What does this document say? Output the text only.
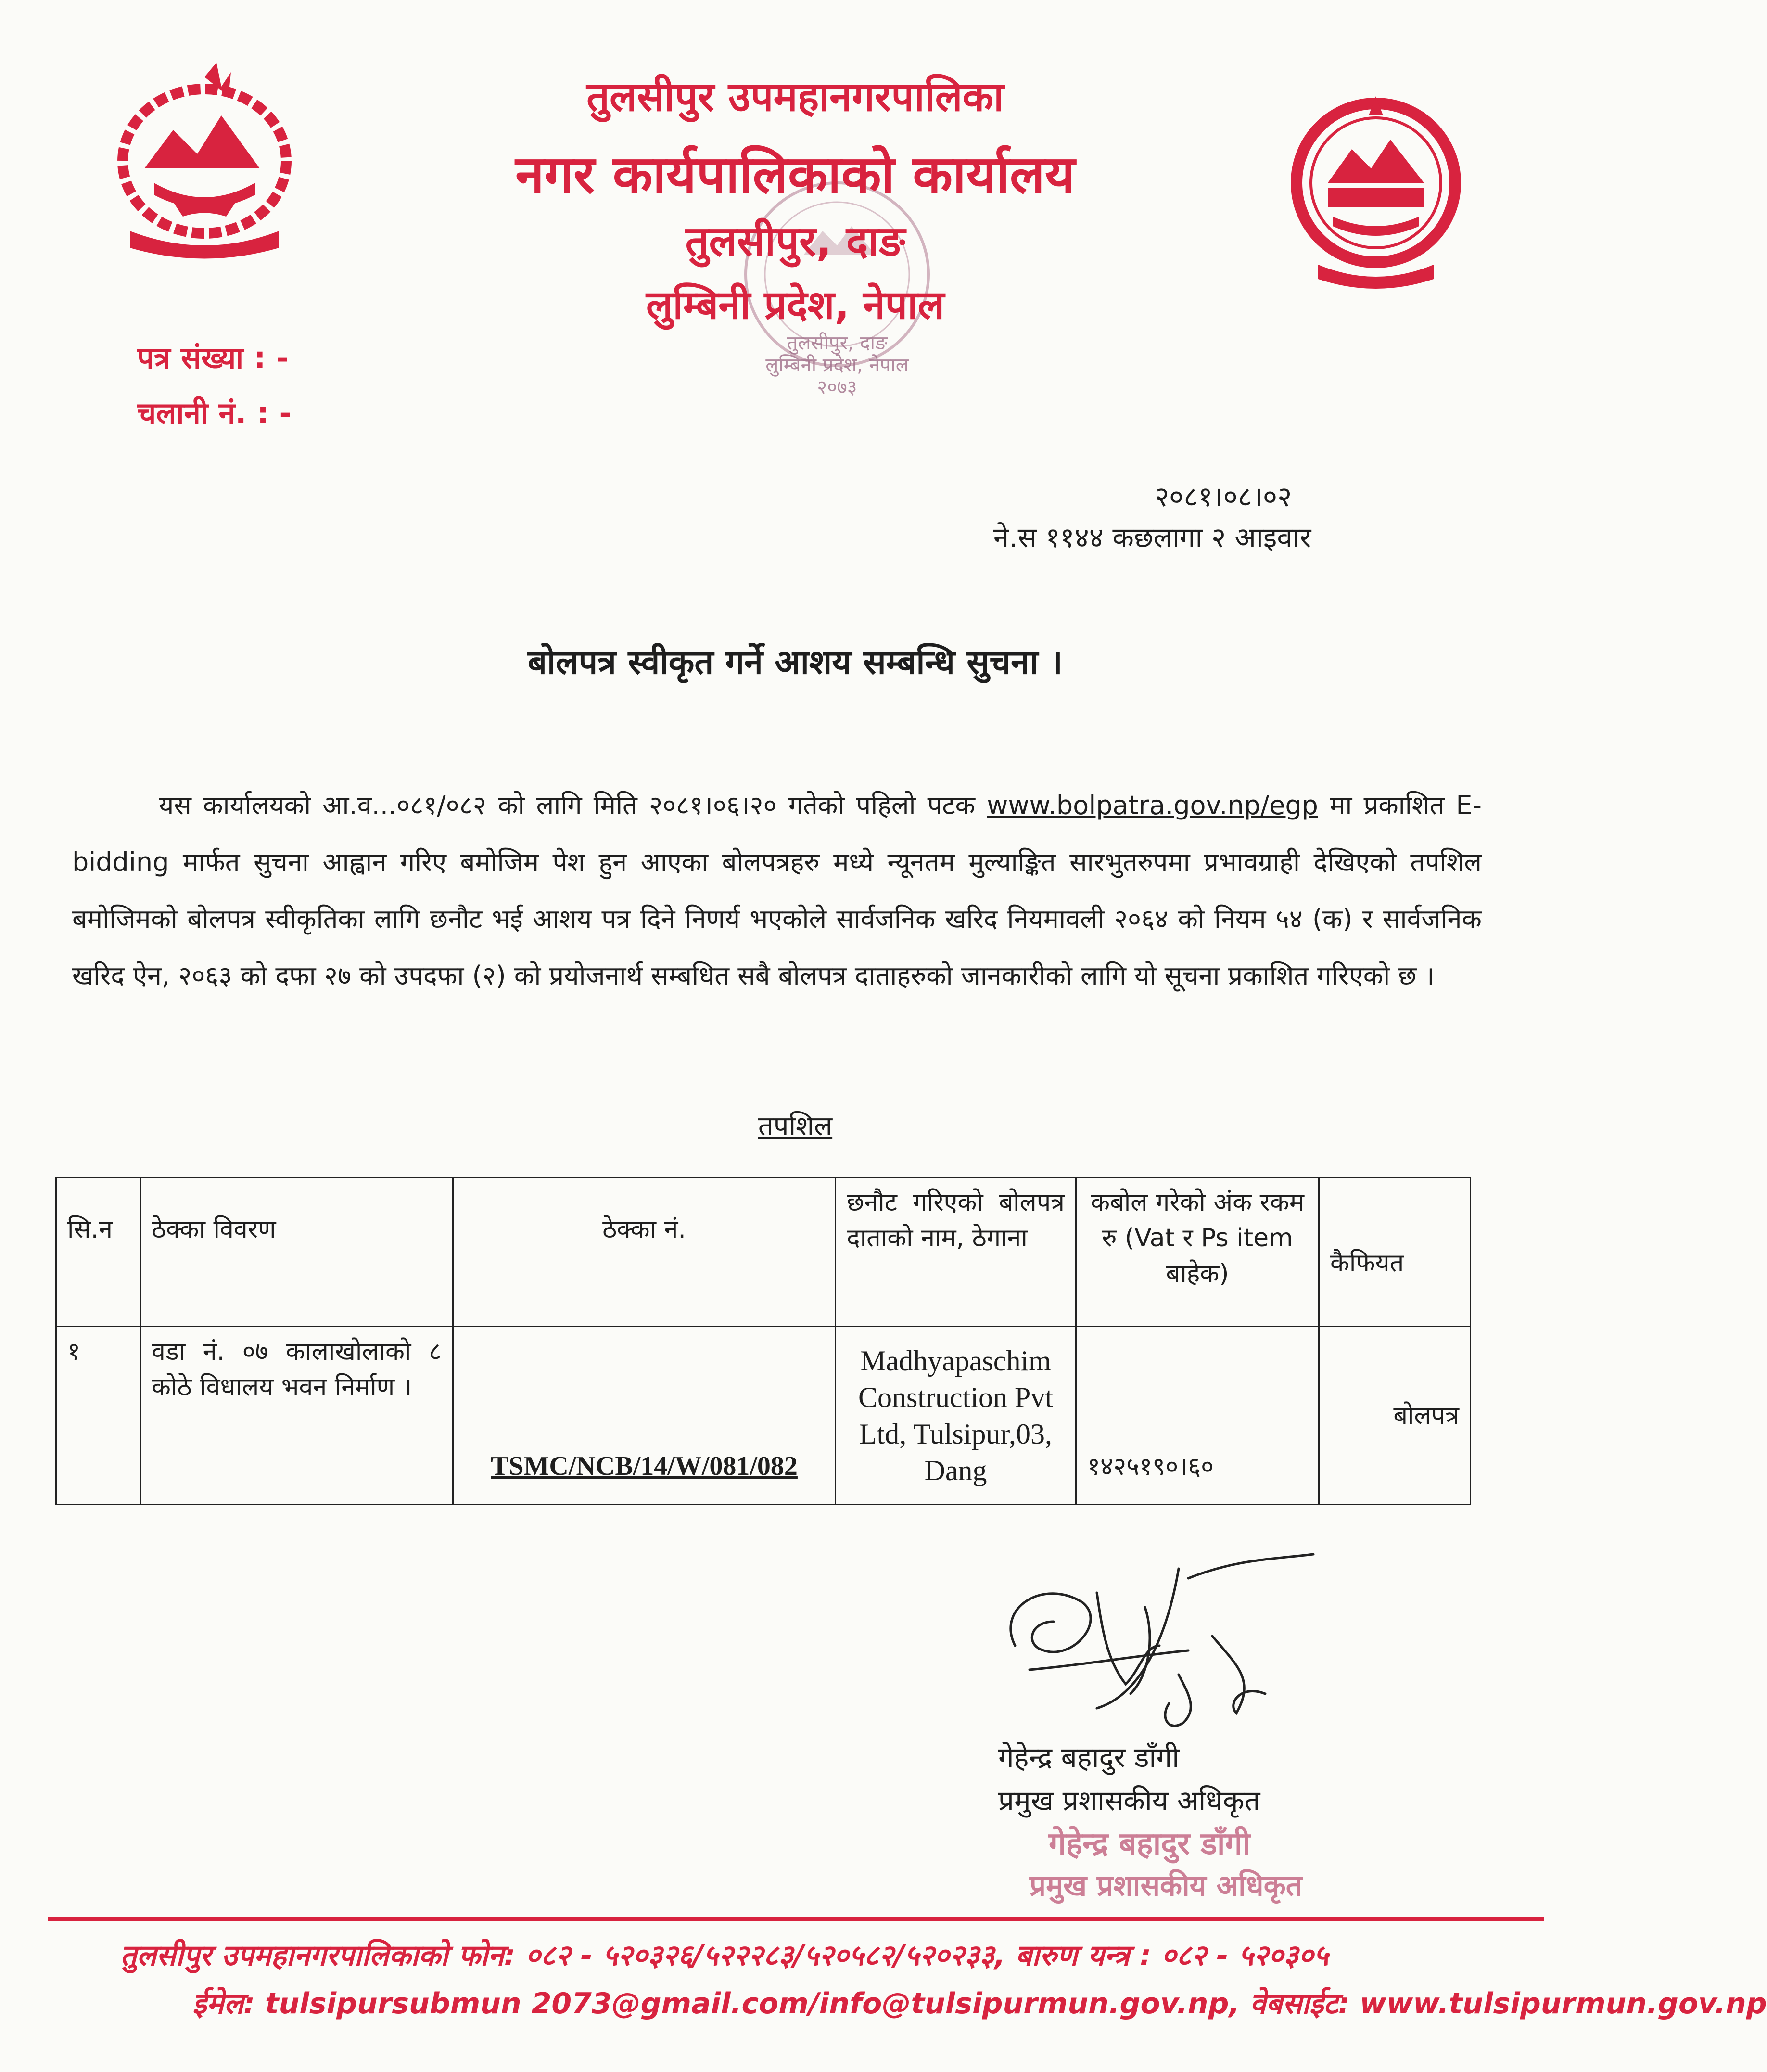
तुलसीपुर, दाङ
लुम्बिनी प्रदेश, नेपाल
२०७३
तुलसीपुर उपमहानगरपालिका
नगर कार्यपालिकाको कार्यालय
तुलसीपुर, दाङ
लुम्बिनी प्रदेश, नेपाल
पत्र संख्या : -
चलानी नं. : -
२०८१।०८।०२
ने.स ११४४ कछलागा २ आइवार
बोलपत्र स्वीकृत गर्ने आशय सम्बन्धि सुचना ।

यस कार्यालयको आ.व...०८१/०८२ को लागि मिति २०८१।०६।२० गतेको पहिलो पटक www.bolpatra.gov.np/egp मा प्रकाशित E-bidding मार्फत सुचना आह्वान गरिए बमोजिम पेश हुन आएका बोलपत्रहरु मध्ये न्यूनतम मुल्याङ्कित सारभुतरुपमा प्रभावग्राही देखिएको तपशिल बमोजिमको बोलपत्र स्वीकृतिका लागि छनौट भई आशय पत्र दिने निणर्य भएकोले सार्वजनिक खरिद नियमावली २०६४ को नियम ५४ (क) र सार्वजनिक खरिद ऐन, २०६३ को दफा २७ को उपदफा (२) को प्रयोजनार्थ सम्बधित सबै बोलपत्र दाताहरुको जानकारीको लागि यो सूचना प्रकाशित गरिएको छ ।

तपशिल
सि.न	ठेक्का विवरण	ठेक्का नं.	छनौट गरिएको बोलपत्र दाताको नाम, ठेगाना	कबोल गरेको अंक रकम रु (Vat र Ps item बाहेक)	कैफियत
१	वडा नं. ०७ कालाखोलाको ८ कोठे विधालय भवन निर्माण ।	TSMC/NCB/14/W/081/082	Madhyapaschim Construction Pvt Ltd, Tulsipur,03, Dang	१४२५१९०।६०	बोलपत्र
गेहेन्द्र बहादुर डाँगी
प्रमुख प्रशासकीय अधिकृत
गेहेन्द्र बहादुर डाँगी
प्रमुख प्रशासकीय अधिकृत
तुलसीपुर उपमहानगरपालिकाको फोन: ०८२ - ५२०३२६/५२२२८३/५२०५८२/५२०२३३, बारुण यन्त्र : ०८२ - ५२०३०५
ईमेल: tulsipursubmun 2073@gmail.com/info@tulsipurmun.gov.np, वेबसाईट: www.tulsipurmun.gov.np
